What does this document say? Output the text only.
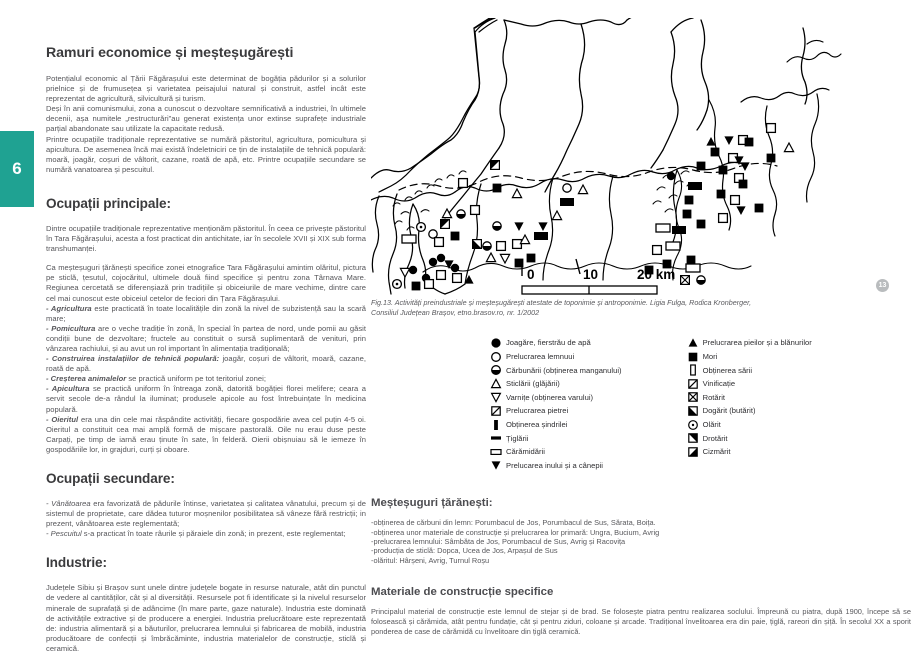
6
Ramuri economice și meșteșugărești

Potențialul economic al Țării Făgărașului este determinat de bogăția pădurilor și a solurilor prielnice și de frumusețea și varietatea peisajului natural și construit, astfel incât este reprezentat de agricultură, silvicultură și turism.

Deși în anii comunismului, zona a cunoscut o dezvoltare semnificativă a industriei, în ultimele decenii, așa numitele „restructurări”au generat existența unor extinse suprafețe industriale parțial abandonate sau utilizate la capacitate redusă.

Printre ocupațiile tradiționale reprezentative se numără păstoritul, agricultura, pomicultura și apicultura. De asemenea încă mai există îndeletniciri ce țin de instalațiile de tehnică populară: moară, joagăr, coșuri de vâltorit, cazane, roată de apă, etc. Printre ocupațiile secundare se numără vanatoarea și pescuitul.

Ocupații principale:

Dintre ocupațiile tradiționale reprezentative menționăm păstoritul. În ceea ce privește păstoritul în Tara Făgărașului, acesta a fost practicat din antichitate, iar în secolele XVII și XIX sub forma transhumanței.

Ca meșteșuguri țărănești specifice zonei etnografice Tara Făgărașului amintim olăritul, pictura pe sticlă, țesutul, cojocăritul, ultimele două fiind specifice și pentru zona Târnava Mare. Regiunea cercetată se diferenșiază prin tradițiile și obiceiurile de mare vechime, dintre care cel mai cunoscut este obiceiul cetelor de feciori din Țara Făgărașului.

- Agricultura este practicată în toate localitățile din zonă la nivel de subzistență sau la scară mare;

- Pomicultura are o veche tradiție în zonă, în special în partea de nord, unde pomii au găsit condiții bune de dezvoltare; fructele au constituit o sursă suplimentară de venituri, prin vânzarea rachiului, și au avut un rol important în alimentația tradițională;

- Construirea instalațiilor de tehnică populară: joagăr, coșuri de vâltorit, moară, cazane, roată de apă.

- Creșterea animalelor se practică uniform pe tot teritoriul zonei;

- Apicultura se practică uniform în întreaga zonă, datorită bogăției florei melifere; ceara a servit secole de-a rândul la iluminat; produsele apicole au fost întrebuințate în medicina populară.

- Oieritul era una din cele mai răspândite activități, fiecare gospodărie avea cel puțin 4-5 oi. Oieritul a constituit cea mai amplă formă de mișcare pastorală. Oile nu erau duse peste Carpați, pe timp de iarnă erau ținute în sate, în felderă. Oierii obișnuiau să le iemeze în gospodăriile lor, in grajduri, curți și oboare.

Ocupații secundare:

- Vânătoarea era favorizată de pădurile întinse, varietatea și calitatea vânatului, precum și de sistemul de proprietate, care dădea tuturor moșnenilor posibilitatea să vâneze fără restricții; in prezent, vânătoarea este reglementată;

- Pescuitul s-a practicat în toate râurile și păraiele din zonă; in prezent, este reglementat;

Industrie:

Județele Sibiu și Brașov sunt unele dintre județele bogate in resurse naturale, atât din punctul de vedere al cantităților, cât și al diversității. Resursele pot fi identificate și la nivelul resurselor minerale de suprafață și de adâncime (în mare parte, gaze naturale). Industria este dominată de activitățile extractive și de producere a energiei. Industria prelucrătoare este reprezentată de: industria alimentară și a băuturilor, prelucrarea lemnului și fabricarea de mobilă, industria producătoare de confecții și îmbrăcăminte, industria materialelor de construcție, sticlă și ceramică.

0	10	20 km
13

Fig.13. Activități preindustriale și meșteșugărești atestate de toponimie și antroponimie. Ligia Fulga, Rodica Kronberger,
Consiliul Județean Brașov, etno.brasov.ro, nr. 1/2002

Joagăre, fierstrău de apă
Prelucrarea lemnuui
Cărbunării (obținerea manganului)
Sticlării (glăjării)
Varnițe (obținerea varului)
Prelucrarea pietrei
Obținerea șindrilei
Țiglării
Cărămidării
Prelucarea inului și a cânepii
Prelucrarea pieilor și a blănurilor
Mori
Obținerea sării
Vinificație
Rotărit
Dogărit (butărit)
Olărit
Drotărit
Cizmărit
Meșteșuguri țărănești:

-obținerea de cărbuni din lemn: Porumbacul de Jos, Porumbacul de Sus, Sărata, Boița.

-obținerea unor materiale de construcție și prelucrarea lor primară: Ungra, Bucium, Avrig

-prelucrarea lemnului: Sâmbăta de Jos, Porumbacul de Sus, Avrig și Racovița

-producția de sticlă: Dopca, Ucea de Jos, Arpașul de Sus

-olăritul: Hârșeni, Avrig, Turnul Roșu

Materiale de construcție specifice

Principalul material de construcție este lemnul de stejar și de brad. Se folosește piatra pentru realizarea soclului. Împreună cu piatra, după 1900, începe să se folosească și cărămida, atât pentru fundație, cât și pentru ziduri, coloane și arcade. Tradițional învelitoarea era din paie, țiglă, rareori din șiță. În secolul XX a sporit ponderea de case de cărămidă cu învelitoare din țiglă ceramică.
